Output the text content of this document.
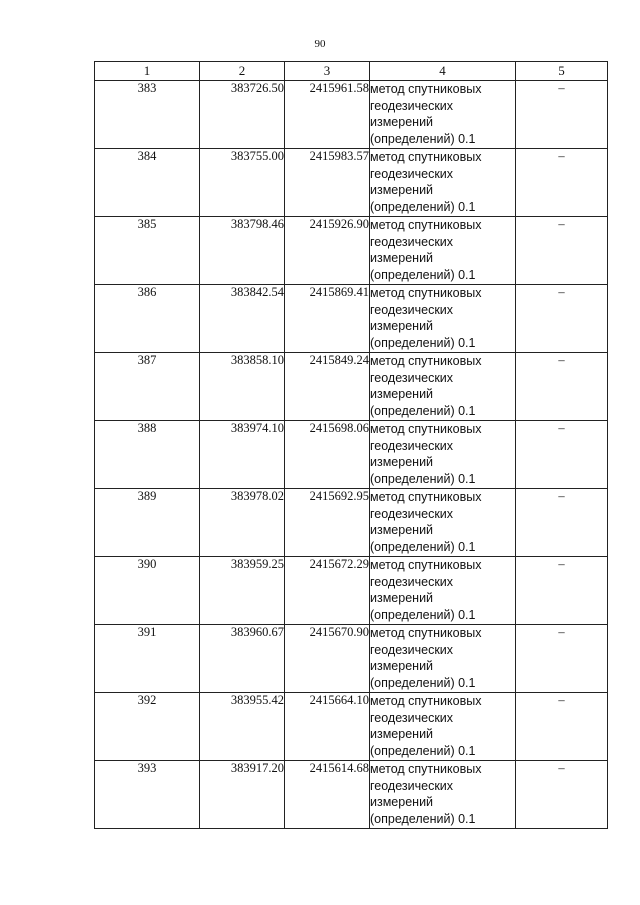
90
1	2	3	4	5
383	383726.50	2415961.58	метод спутниковых
геодезических
измерений
(определений) 0.1	–
384	383755.00	2415983.57	метод спутниковых
геодезических
измерений
(определений) 0.1	–
385	383798.46	2415926.90	метод спутниковых
геодезических
измерений
(определений) 0.1	–
386	383842.54	2415869.41	метод спутниковых
геодезических
измерений
(определений) 0.1	–
387	383858.10	2415849.24	метод спутниковых
геодезических
измерений
(определений) 0.1	–
388	383974.10	2415698.06	метод спутниковых
геодезических
измерений
(определений) 0.1	–
389	383978.02	2415692.95	метод спутниковых
геодезических
измерений
(определений) 0.1	–
390	383959.25	2415672.29	метод спутниковых
геодезических
измерений
(определений) 0.1	–
391	383960.67	2415670.90	метод спутниковых
геодезических
измерений
(определений) 0.1	–
392	383955.42	2415664.10	метод спутниковых
геодезических
измерений
(определений) 0.1	–
393	383917.20	2415614.68	метод спутниковых
геодезических
измерений
(определений) 0.1	–
